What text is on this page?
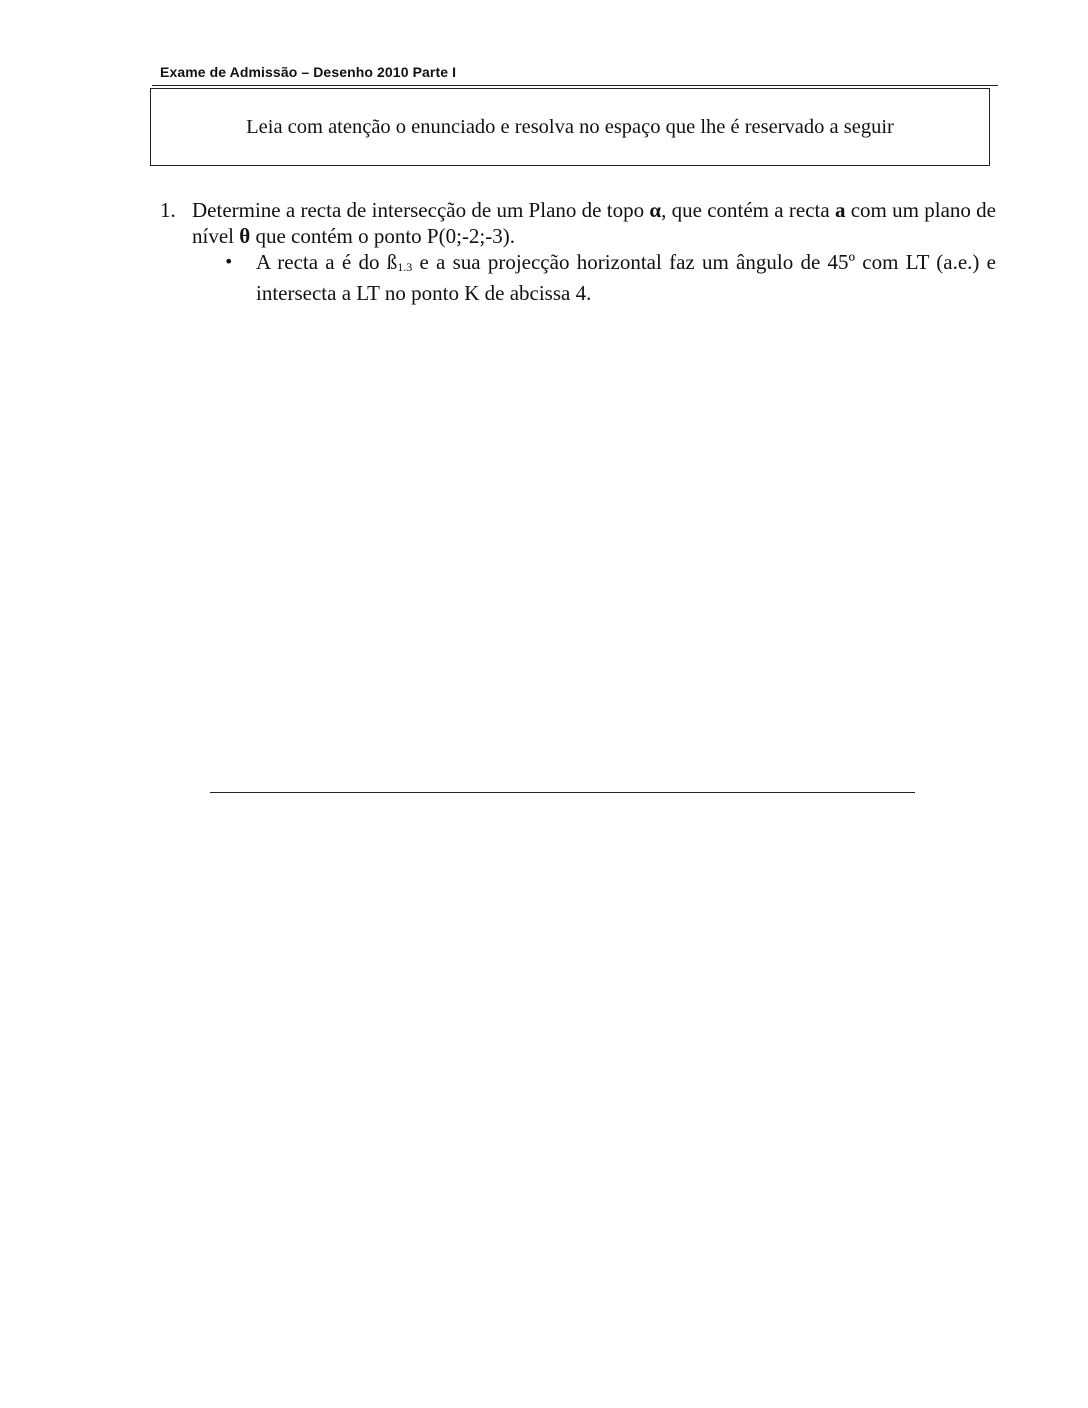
Exame de Admissão – Desenho 2010 Parte I
Leia com atenção o enunciado e resolva no espaço que lhe é reservado a seguir
1. Determine a recta de intersecção de um Plano de topo α, que contém a recta a com um plano de nível θ que contém o ponto P(0;-2;-3).
•	A recta a é do $ß_{1.3}$ e a sua projecção horizontal faz um ângulo de 45º com LT (a.e.) e intersecta a LT no ponto K de abcissa 4.
